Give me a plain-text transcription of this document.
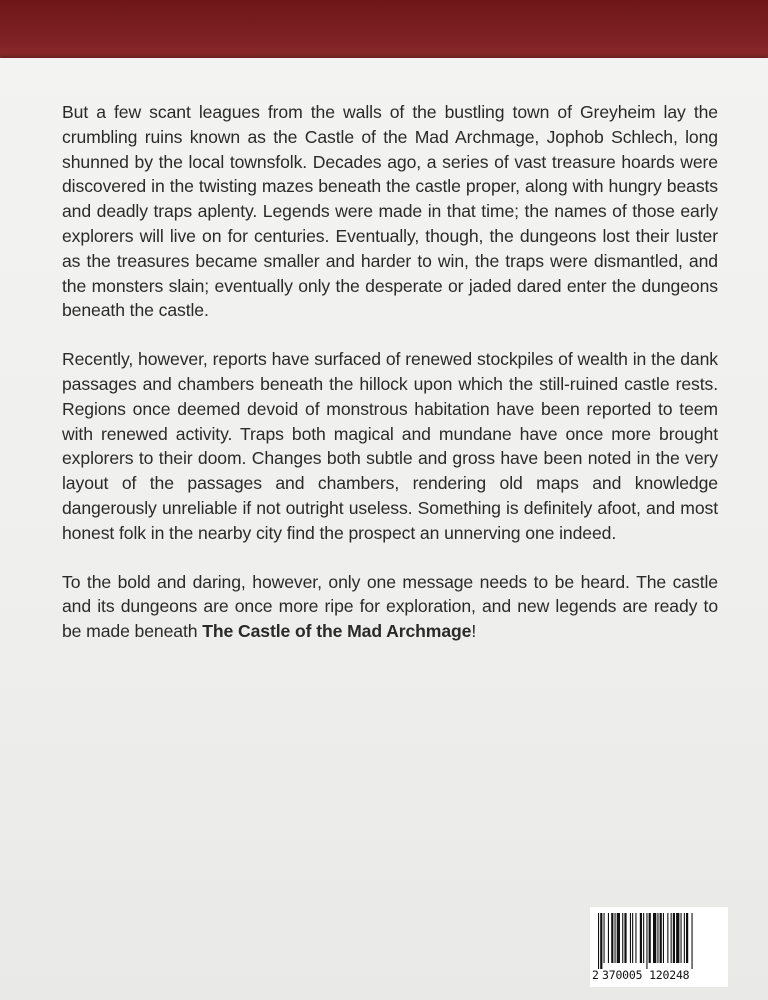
But a few scant leagues from the walls of the bustling town of Greyheim lay the crumbling ruins known as the Castle of the Mad Archmage, Jophob Schlech, long shunned by the local townsfolk. Decades ago, a series of vast treasure hoards were discovered in the twisting mazes beneath the castle proper, along with hungry beasts and deadly traps aplenty. Legends were made in that time; the names of those early explorers will live on for centuries. Eventually, though, the dungeons lost their luster as the treasures became smaller and harder to win, the traps were dismantled, and the monsters slain; eventually only the desperate or jaded dared enter the dungeons beneath the castle.

Recently, however, reports have surfaced of renewed stockpiles of wealth in the dank passages and chambers beneath the hillock upon which the still-ruined castle rests. Regions once deemed devoid of monstrous habitation have been reported to teem with renewed activity. Traps both magical and mundane have once more brought explorers to their doom. Changes both subtle and gross have been noted in the very layout of the passages and chambers, rendering old maps and knowledge dangerously unreliable if not outright useless. Something is definitely afoot, and most honest folk in the nearby city find the prospect an unnerving one indeed.

To the bold and daring, however, only one message needs to be heard. The castle and its dungeons are once more ripe for exploration, and new legends are ready to be made beneath The Castle of the Mad Archmage!

2 370005 120248
